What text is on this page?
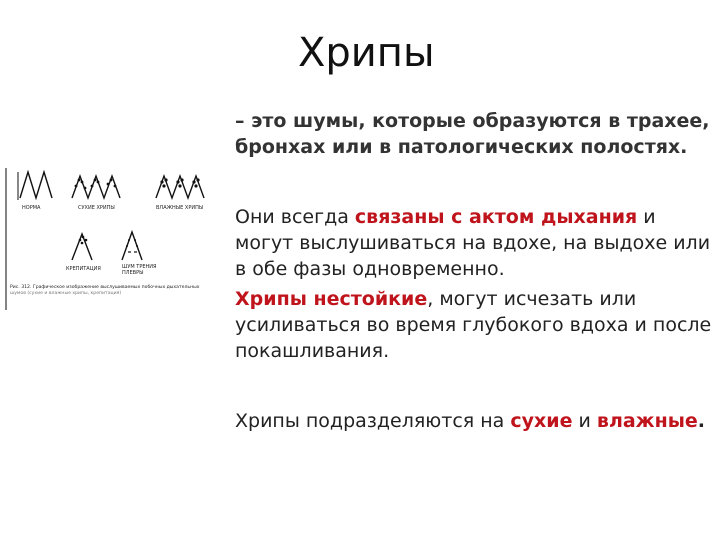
Хрипы
НОРМА	СУХИЕ ХРИПЫ	ВЛАЖНЫЕ ХРИПЫ
КРЕПИТАЦИЯ	ШУМ ТРЕНИЯ
ПЛЕВРЫ
Рис. 312. Графическое изображение выслушиваемых побочных дыхательных
шумов (сухие и влажные хрипы, крепитация)

– это шумы, которые образуются в трахее,
бронхах или в патологических полостях.

Они всегда связаны с актом дыхания и могут выслушиваться на вдохе, на выдохе или в обе фазы одновременно.

Хрипы нестойкие, могут исчезать или усиливаться во время глубокого вдоха и после покашливания.

Хрипы подразделяются на сухие и влажные.
